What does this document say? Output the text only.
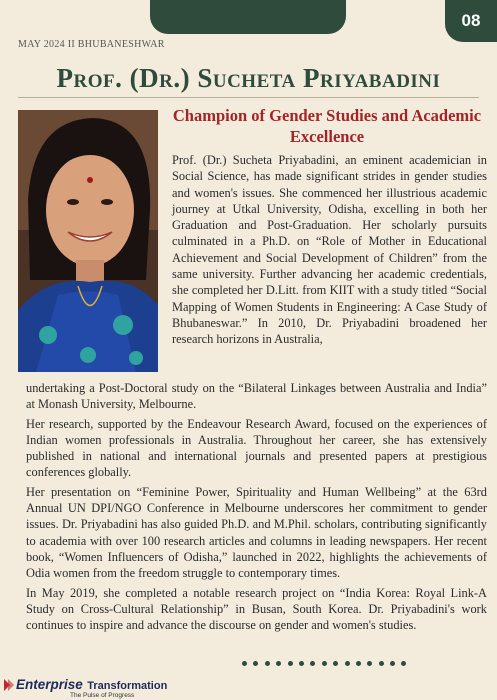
08
MAY 2024 II BHUBANESHWAR
Prof. (Dr.) Sucheta Priyabadini
Champion of Gender Studies and Academic Excellence

Prof. (Dr.) Sucheta Priyabadini, an eminent academician in Social Science, has made significant strides in gender studies and women's issues. She commenced her illustrious academic journey at Utkal University, Odisha, excelling in both her Graduation and Post-Graduation. Her scholarly pursuits culminated in a Ph.D. on “Role of Mother in Educational Achievement and Social Development of Children” from the same university. Further advancing her academic credentials, she completed her D.Litt. from KIIT with a study titled “Social Mapping of Women Students in Engineering: A Case Study of Bhubaneswar.” In 2010, Dr. Priyabadini broadened her research horizons in Australia,

undertaking a Post-Doctoral study on the “Bilateral Linkages between Australia and India” at Monash University, Melbourne.

Her research, supported by the Endeavour Research Award, focused on the experiences of Indian women professionals in Australia. Throughout her career, she has extensively published in national and international journals and presented papers at prestigious conferences globally.

Her presentation on “Feminine Power, Spirituality and Human Wellbeing” at the 63rd Annual UN DPI/NGO Conference in Melbourne underscores her commitment to gender issues. Dr. Priyabadini has also guided Ph.D. and M.Phil. scholars, contributing significantly to academia with over 100 research articles and columns in leading newspapers. Her recent book, “Women Influencers of Odisha,” launched in 2022, highlights the achievements of Odia women from the freedom struggle to contemporary times.

In May 2019, she completed a notable research project on “India Korea: Royal Link-A Study on Cross-Cultural Relationship” in Busan, South Korea. Dr. Priyabadini's work continues to inspire and advance the discourse on gender and women's studies.

Enterprise Transformation
The Pulse of Progress
